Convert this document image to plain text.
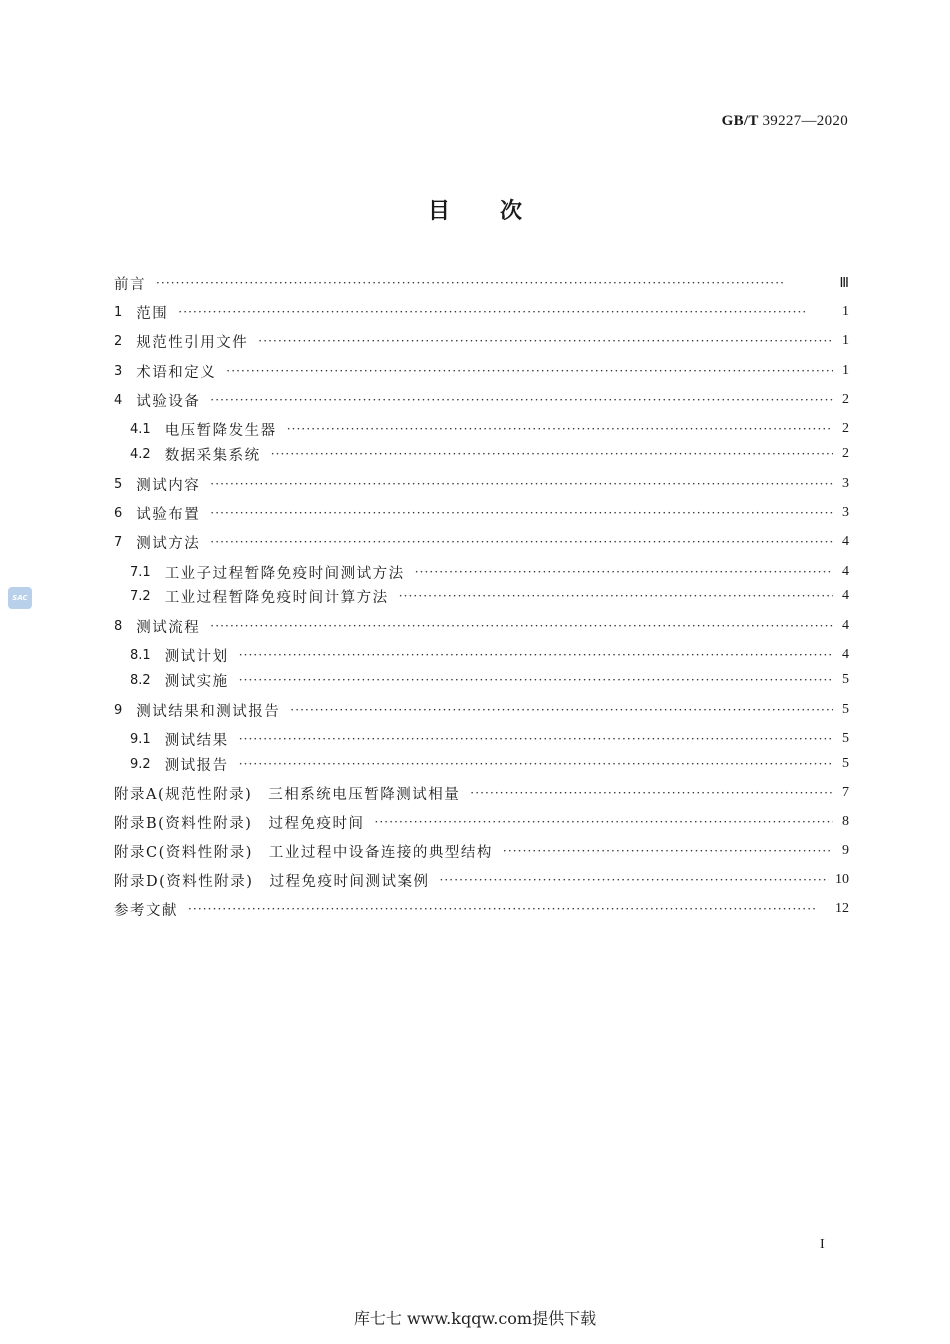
GB/T 39227—2020
目次
SAC
前言 ·····	Ⅲ
1 范围 ·····	1
2 规范性引用文件 ·····	1
3 术语和定义 ·····	1
4 试验设备 ·····	2
4.1 电压暂降发生器 ·····	2
4.2 数据采集系统 ·····	2
5 测试内容 ·····	3
6 试验布置 ·····	3
7 测试方法 ·····	4
7.1 工业子过程暂降免疫时间测试方法 ·····	4
7.2 工业过程暂降免疫时间计算方法 ·····	4
8 测试流程 ·····	4
8.1 测试计划 ·····	4
8.2 测试实施 ·····	5
9 测试结果和测试报告 ·····	5
9.1 测试结果 ·····	5
9.2 测试报告 ·····	5
附录A(规范性附录)　三相系统电压暂降测试相量 ·····	7
附录B(资料性附录)　过程免疫时间 ·····	8
附录C(资料性附录)　工业过程中设备连接的典型结构 ·····	9
附录D(资料性附录)　过程免疫时间测试案例 ·····	10
参考文献 ·····	12
I
库七七 www.kqqw.com提供下载
